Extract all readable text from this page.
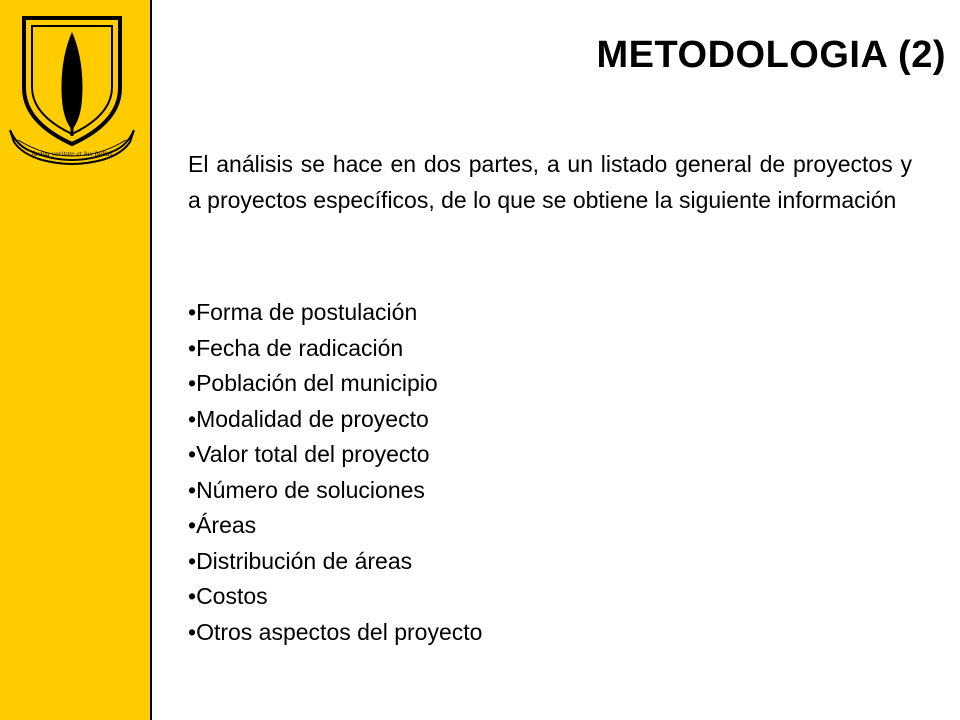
Ardua veritate et lux bellus
METODOLOGIA (2)

El análisis se hace en dos partes, a un listado general de proyectos y a proyectos específicos, de lo que se obtiene la siguiente información

•Forma de postulación
•Fecha de radicación
•Población del municipio
•Modalidad de proyecto
•Valor total del proyecto
•Número de soluciones
•Áreas
•Distribución de áreas
•Costos
•Otros aspectos del proyecto
